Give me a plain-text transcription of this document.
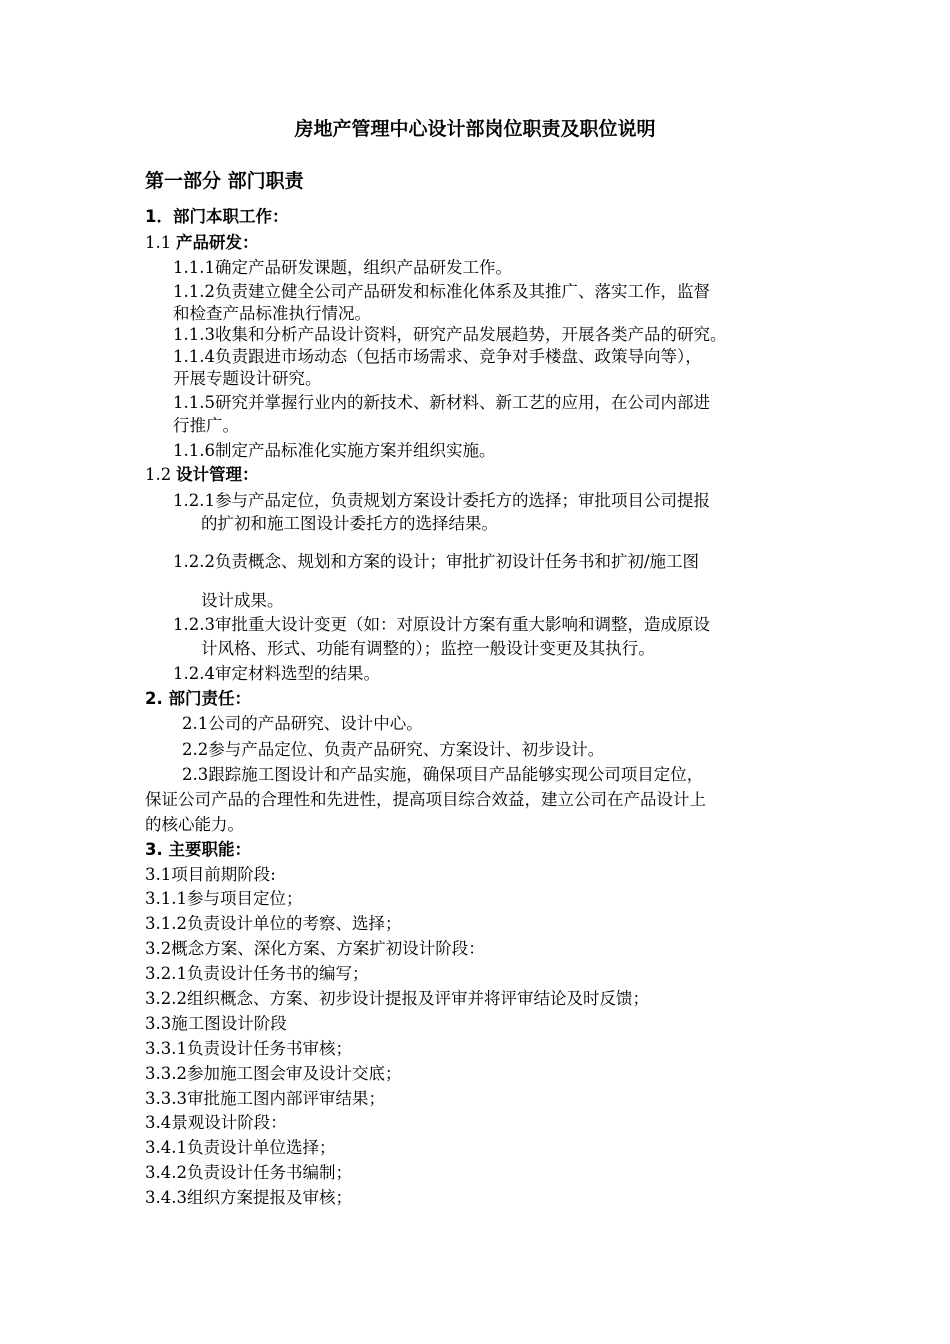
房地产管理中心设计部岗位职责及职位说明
第一部分 部门职责
1．部门本职工作：
1.1 产品研发：
1.1.1确定产品研发课题，组织产品研发工作。
1.1.2负责建立健全公司产品研发和标准化体系及其推广、落实工作，监督
和检查产品标准执行情况。
1.1.3收集和分析产品设计资料，研究产品发展趋势，开展各类产品的研究。
1.1.4负责跟进市场动态（包括市场需求、竞争对手楼盘、政策导向等），
开展专题设计研究。
1.1.5研究并掌握行业内的新技术、新材料、新工艺的应用，在公司内部进
行推广。
1.1.6制定产品标准化实施方案并组织实施。
1.2 设计管理：
1.2.1参与产品定位，负责规划方案设计委托方的选择；审批项目公司提报
的扩初和施工图设计委托方的选择结果。
1.2.2负责概念、规划和方案的设计；审批扩初设计任务书和扩初/施工图
设计成果。
1.2.3审批重大设计变更（如：对原设计方案有重大影响和调整，造成原设
计风格、形式、功能有调整的）；监控一般设计变更及其执行。
1.2.4审定材料选型的结果。
2. 部门责任：
2.1公司的产品研究、设计中心。
2.2参与产品定位、负责产品研究、方案设计、初步设计。
2.3跟踪施工图设计和产品实施，确保项目产品能够实现公司项目定位，
保证公司产品的合理性和先进性，提高项目综合效益，建立公司在产品设计上
的核心能力。
3. 主要职能：
3.1项目前期阶段:
3.1.1参与项目定位；
3.1.2负责设计单位的考察、选择；
3.2概念方案、深化方案、方案扩初设计阶段：
3.2.1负责设计任务书的编写；
3.2.2组织概念、方案、初步设计提报及评审并将评审结论及时反馈；
3.3施工图设计阶段
3.3.1负责设计任务书审核；
3.3.2参加施工图会审及设计交底；
3.3.3审批施工图内部评审结果；
3.4景观设计阶段：
3.4.1负责设计单位选择；
3.4.2负责设计任务书编制；
3.4.3组织方案提报及审核；
